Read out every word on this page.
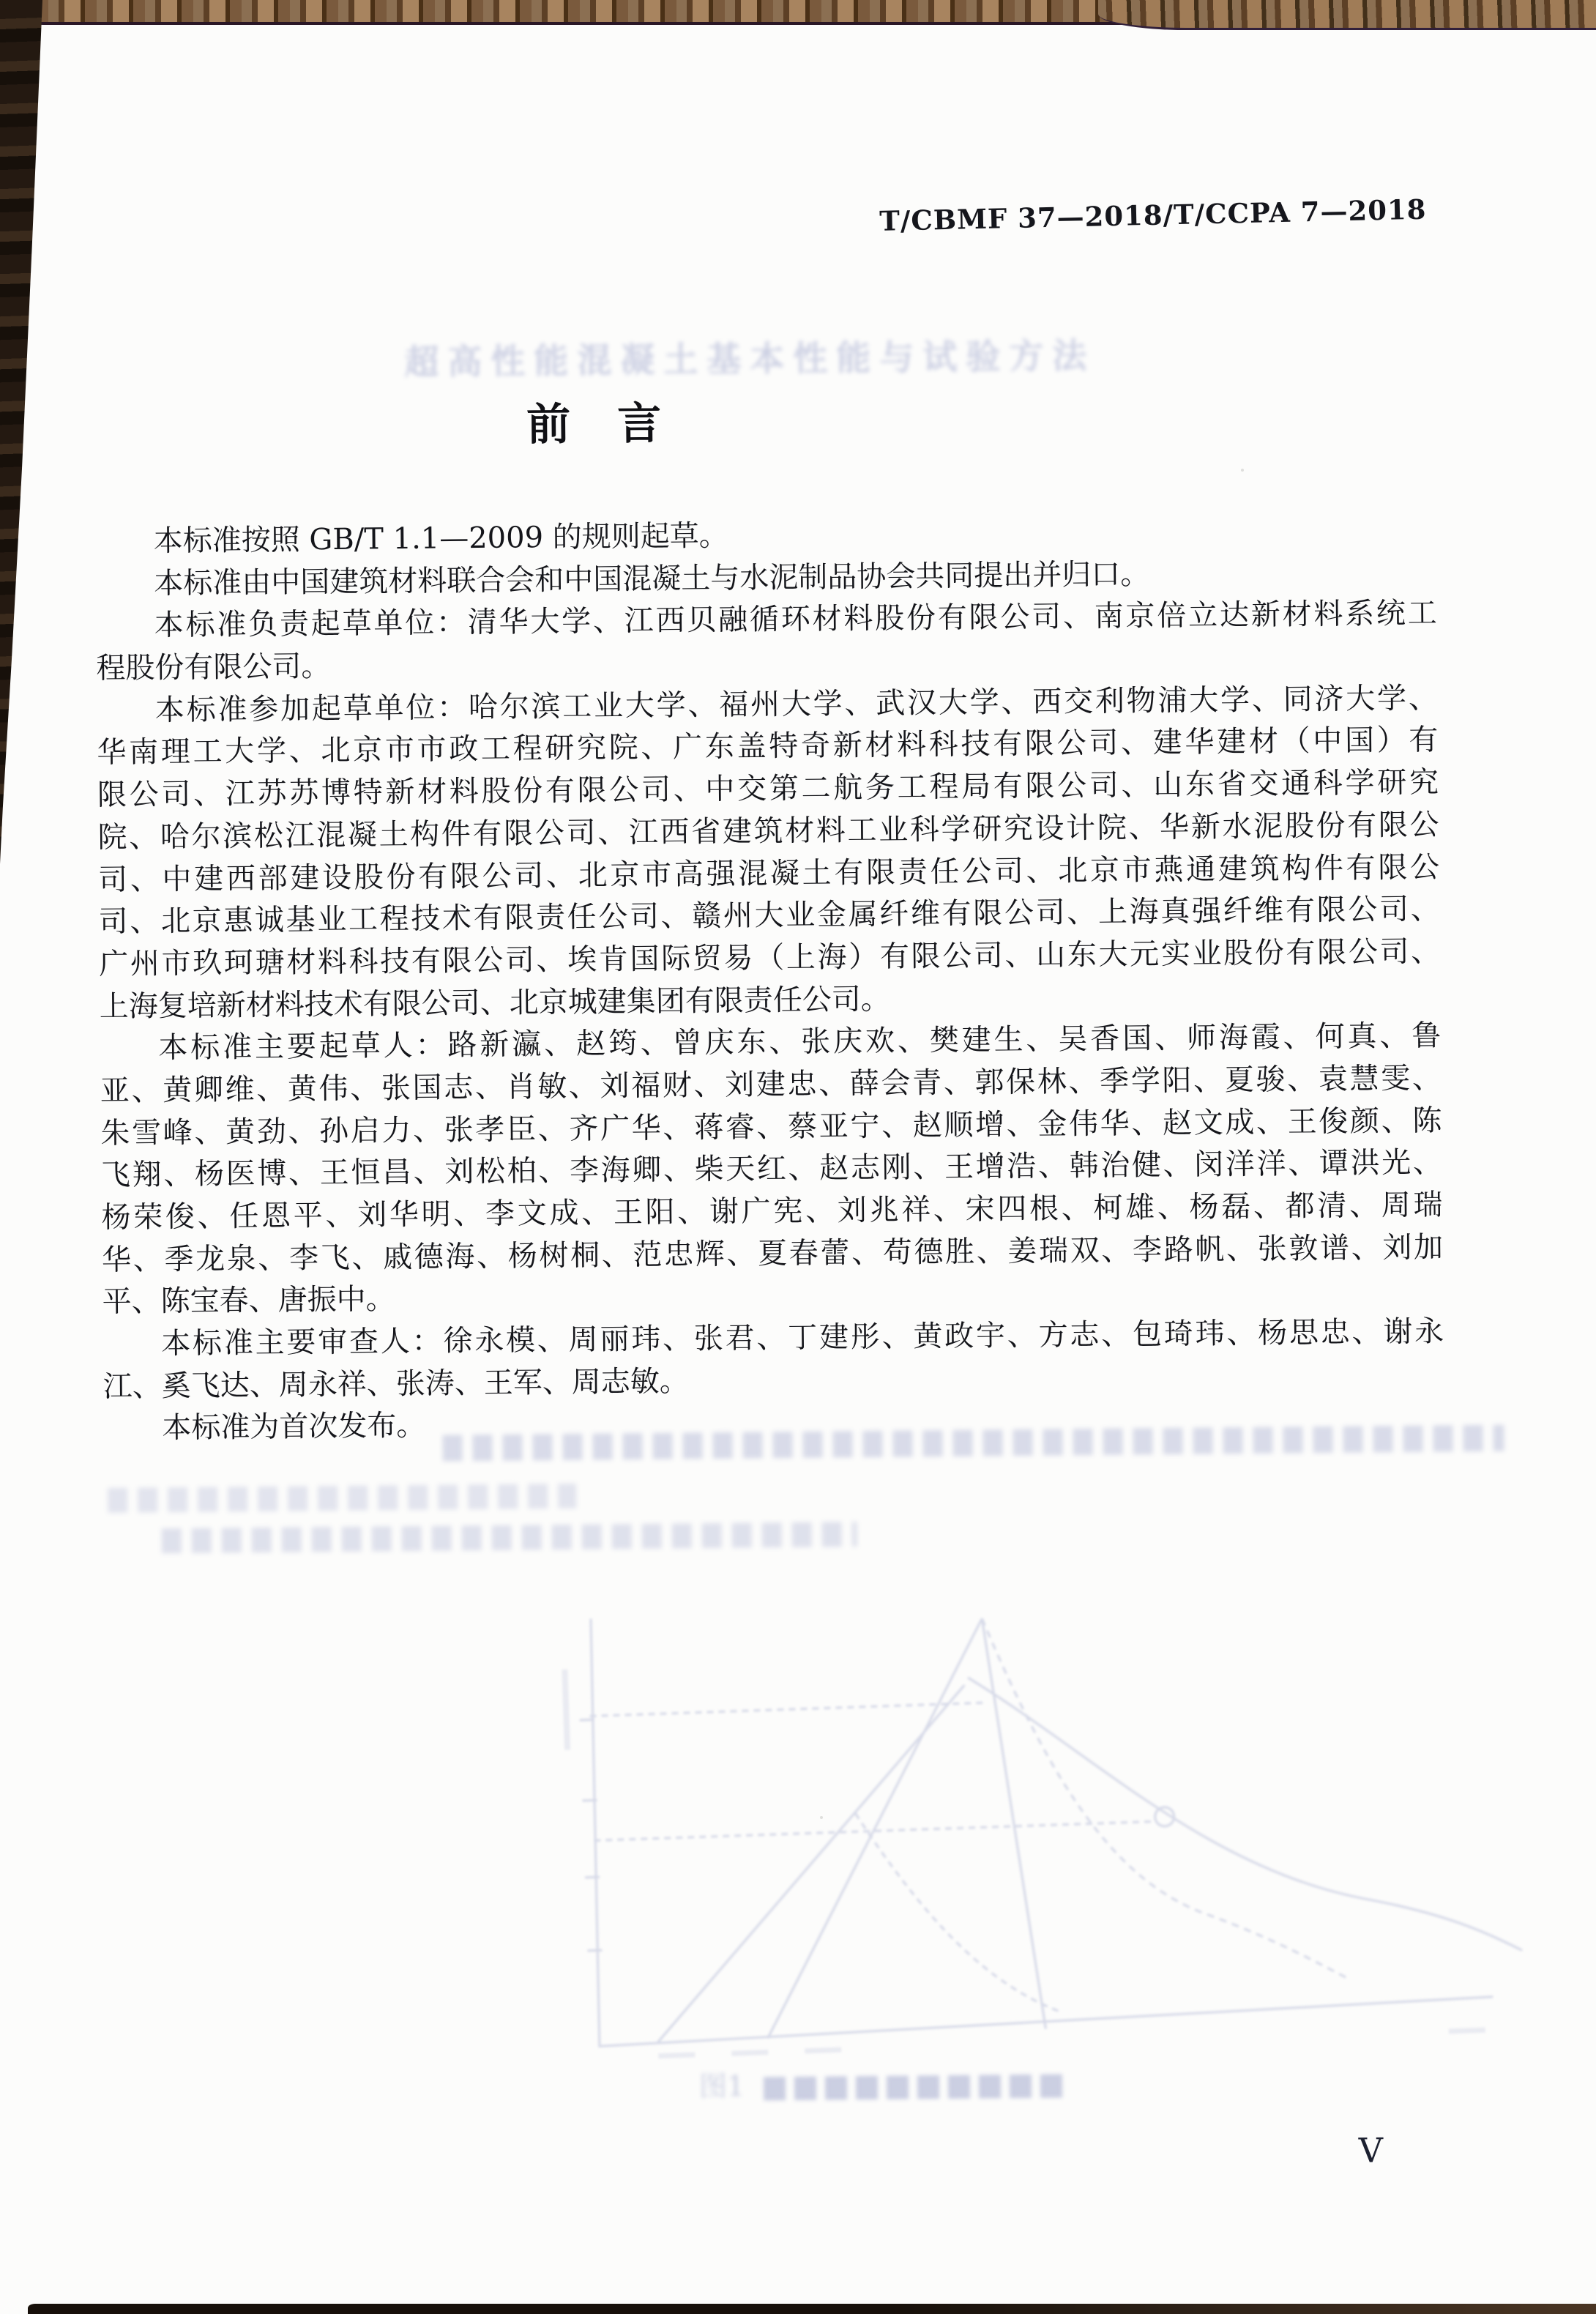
T/CBMF 37—2018/T/CCPA 7—2018
超高性能混凝土基本性能与试验方法
前　言
本标准按照 GB/T 1.1—2009 的规则起草。
本标准由中国建筑材料联合会和中国混凝土与水泥制品协会共同提出并归口。
本标准负责起草单位：清华大学、江西贝融循环材料股份有限公司、南京倍立达新材料系统工
程股份有限公司。
本标准参加起草单位：哈尔滨工业大学、福州大学、武汉大学、西交利物浦大学、同济大学、
华南理工大学、北京市市政工程研究院、广东盖特奇新材料科技有限公司、建华建材（中国）有
限公司、江苏苏博特新材料股份有限公司、中交第二航务工程局有限公司、山东省交通科学研究
院、哈尔滨松江混凝土构件有限公司、江西省建筑材料工业科学研究设计院、华新水泥股份有限公
司、中建西部建设股份有限公司、北京市高强混凝土有限责任公司、北京市燕通建筑构件有限公
司、北京惠诚基业工程技术有限责任公司、赣州大业金属纤维有限公司、上海真强纤维有限公司、
广州市玖珂瑭材料科技有限公司、埃肯国际贸易（上海）有限公司、山东大元实业股份有限公司、
上海复培新材料技术有限公司、北京城建集团有限责任公司。
本标准主要起草人：路新瀛、赵筠、曾庆东、张庆欢、樊建生、吴香国、师海霞、何真、鲁
亚、黄卿维、黄伟、张国志、肖敏、刘福财、刘建忠、薛会青、郭保林、季学阳、夏骏、袁慧雯、
朱雪峰、黄劲、孙启力、张孝臣、齐广华、蒋睿、蔡亚宁、赵顺增、金伟华、赵文成、王俊颜、陈
飞翔、杨医博、王恒昌、刘松柏、李海卿、柴天红、赵志刚、王增浩、韩治健、闵洋洋、谭洪光、
杨荣俊、任恩平、刘华明、李文成、王阳、谢广宪、刘兆祥、宋四根、柯雄、杨磊、都清、周瑞
华、季龙泉、李飞、戚德海、杨树桐、范忠辉、夏春蕾、苟德胜、姜瑞双、李路帆、张敦谱、刘加
平、陈宝春、唐振中。
本标准主要审查人：徐永模、周丽玮、张君、丁建彤、黄政宇、方志、包琦玮、杨思忠、谢永
江、奚飞达、周永祥、张涛、王军、周志敏。
本标准为首次发布。
图1
V
